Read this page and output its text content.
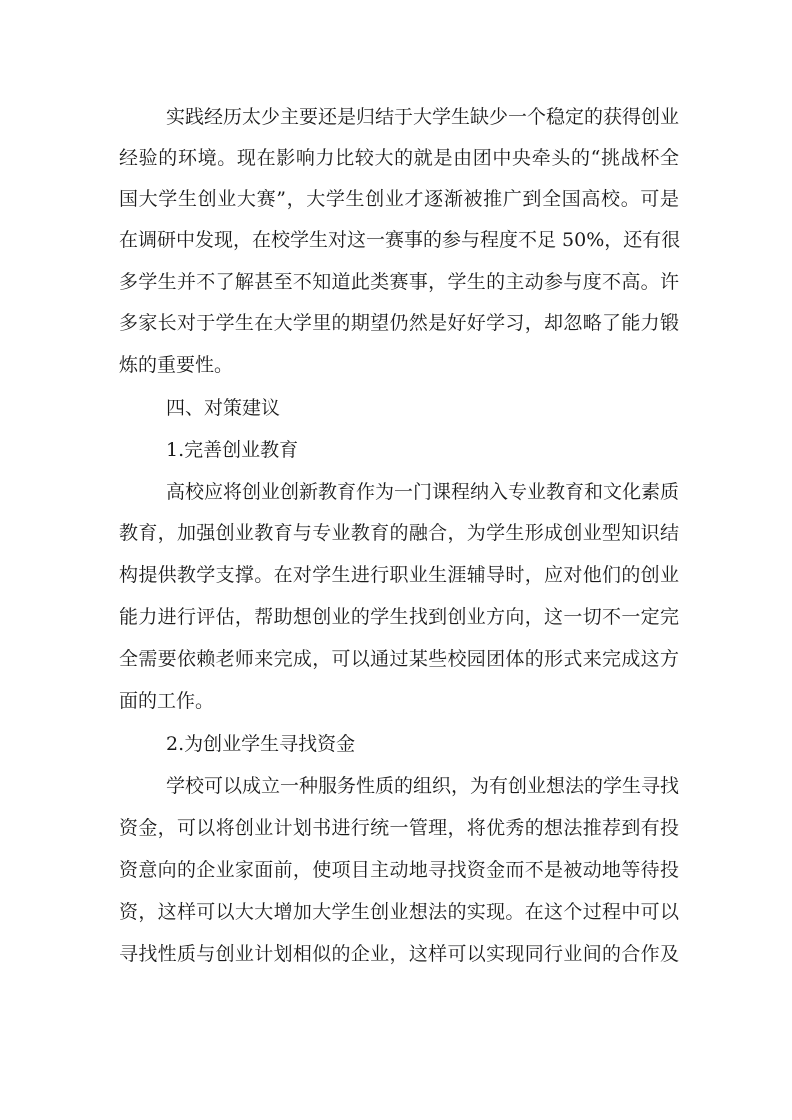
实践经历太少主要还是归结于大学生缺少一个稳定的获得创业
经验的环境。现在影响力比较大的就是由团中央牵头的“挑战杯全
国大学生创业大赛”，大学生创业才逐渐被推广到全国高校。可是
在调研中发现，在校学生对这一赛事的参与程度不足 50%，还有很
多学生并不了解甚至不知道此类赛事，学生的主动参与度不高。许
多家长对于学生在大学里的期望仍然是好好学习，却忽略了能力锻
炼的重要性。
四、对策建议
1.完善创业教育
高校应将创业创新教育作为一门课程纳入专业教育和文化素质
教育，加强创业教育与专业教育的融合，为学生形成创业型知识结
构提供教学支撑。在对学生进行职业生涯辅导时，应对他们的创业
能力进行评估，帮助想创业的学生找到创业方向，这一切不一定完
全需要依赖老师来完成，可以通过某些校园团体的形式来完成这方
面的工作。
2.为创业学生寻找资金
学校可以成立一种服务性质的组织，为有创业想法的学生寻找
资金，可以将创业计划书进行统一管理，将优秀的想法推荐到有投
资意向的企业家面前，使项目主动地寻找资金而不是被动地等待投
资，这样可以大大增加大学生创业想法的实现。在这个过程中可以
寻找性质与创业计划相似的企业，这样可以实现同行业间的合作及
